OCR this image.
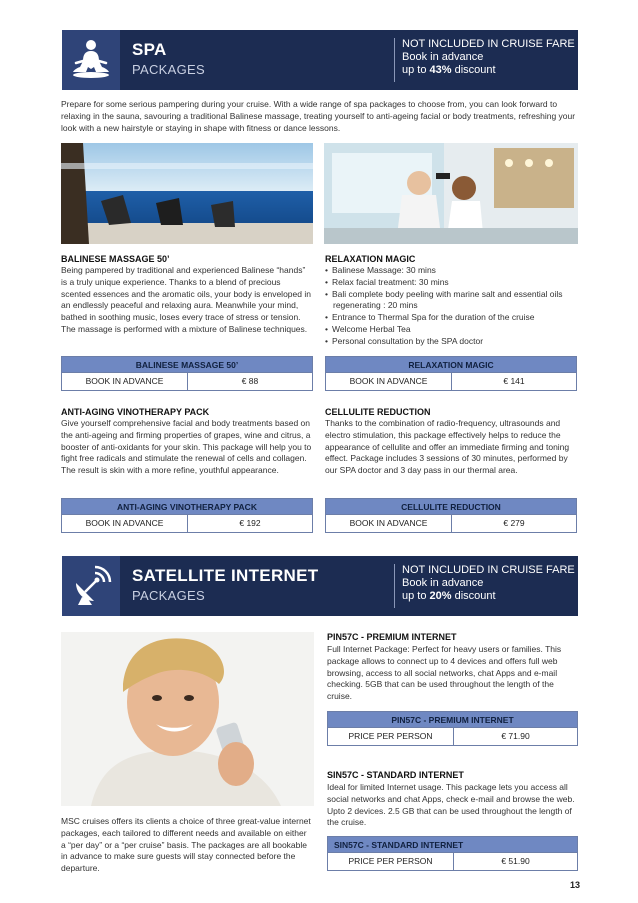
SPA
PACKAGES
NOT INCLUDED IN CRUISE FARE
Book in advance
up to 43% discount
Prepare for some serious pampering during your cruise. With a wide range of spa packages to choose from, you can look forward to relaxing in the sauna, savouring a traditional Balinese massage, treating yourself to anti-ageing facial or body treatments, refreshing your look with a new hairstyle or staying in shape with fitness or dance lessons.
BALINESE MASSAGE 50’
Being pampered by traditional and experienced Balinese “hands” is a truly unique experience. Thanks to a blend of precious scented essences and the aromatic oils, your body is enveloped in an endlessly peaceful and relaxing aura. Meanwhile your mind, bathed in soothing music, loses every trace of stress or tension. The massage is performed with a mixture of Balinese techniques.
BALINESE MASSAGE 50’
BOOK IN ADVANCE	€ 88
RELAXATION MAGIC
• Balinese Massage: 30 mins
• Relax facial treatment: 30 mins
• Bali complete body peeling with marine salt and essential oils regenerating : 20 mins
• Entrance to Thermal Spa for the duration of the cruise
• Welcome Herbal Tea
• Personal consultation by the SPA doctor
RELAXATION MAGIC
BOOK IN ADVANCE	€ 141
ANTI-AGING VINOTHERAPY PACK
Give yourself comprehensive facial and body treatments based on the anti-ageing and firming properties of grapes, wine and citrus, a booster of anti-oxidants for your skin. This package will help you to fight free radicals and stimulate the renewal of cells and collagen. The result is skin with a more refine, youthful appearance.
ANTI-AGING VINOTHERAPY PACK
BOOK IN ADVANCE	€ 192
CELLULITE REDUCTION
Thanks to the combination of radio-frequency, ultrasounds and electro stimulation, this package effectively helps to reduce the appearance of cellulite and offer an immediate firming and toning effect. Package includes 3 sessions of 30 minutes, performed by our SPA doctor and 3 day pass in our thermal area.
CELLULITE REDUCTION
BOOK IN ADVANCE	€ 279
SATELLITE INTERNET
PACKAGES
NOT INCLUDED IN CRUISE FARE
Book in advance
up to 20% discount
MSC cruises offers its clients a choice of three great-value internet packages, each tailored to different needs and available on either a “per day” or a “per cruise” basis. The packages are all bookable in advance to make sure guests will stay connected before the departure.
PIN57C - PREMIUM INTERNET
Full Internet Package: Perfect for heavy users or families. This package allows to connect up to 4 devices and offers full web browsing, access to all social networks, chat Apps and e-mail checking. 5GB that can be used throughout the length of the cruise.
PIN57C - PREMIUM INTERNET
PRICE PER PERSON	€ 71.90
SIN57C - STANDARD INTERNET
Ideal for limited Internet usage. This package lets you access all social networks and chat Apps, check e-mail and browse the web. Upto 2 devices. 2.5 GB that can be used throughout the length of the cruise.
SIN57C - STANDARD INTERNET
PRICE PER PERSON	€ 51.90
13
